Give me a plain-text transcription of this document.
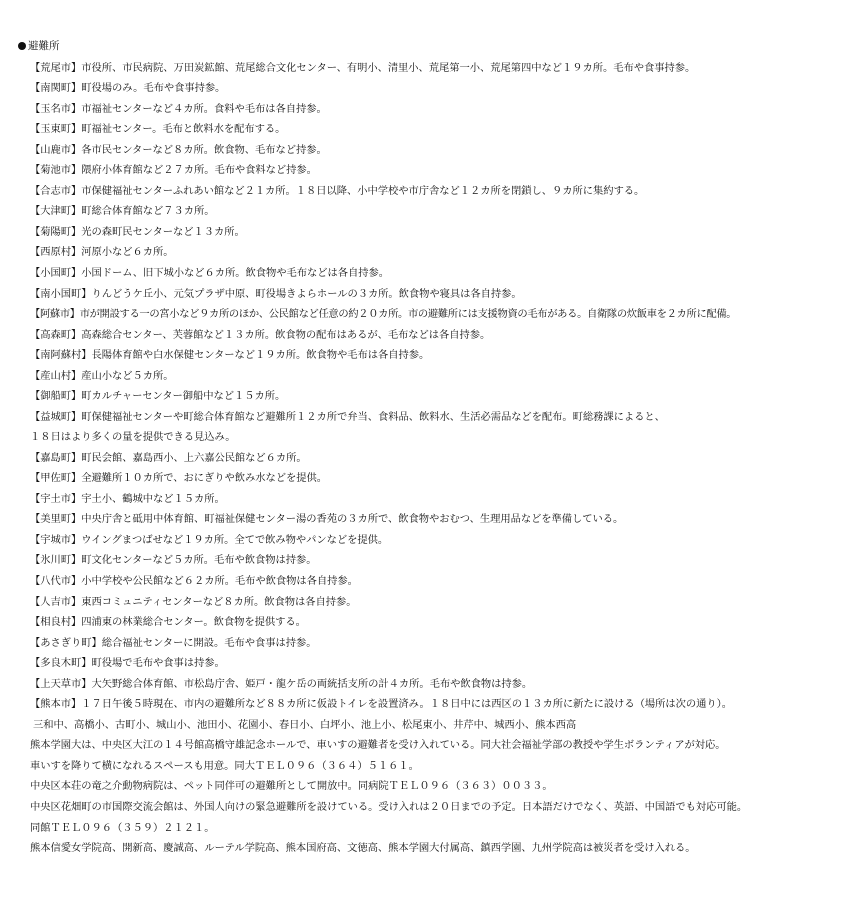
避難所
【荒尾市】市役所、市民病院、万田炭鉱館、荒尾総合文化センター、有明小、清里小、荒尾第一小、荒尾第四中など１９カ所。毛布や食事持参。
【南関町】町役場のみ。毛布や食事持参。
【玉名市】市福祉センターなど４カ所。食料や毛布は各自持参。
【玉東町】町福祉センター。毛布と飲料水を配布する。
【山鹿市】各市民センターなど８カ所。飲食物、毛布など持参。
【菊池市】隈府小体育館など２７カ所。毛布や食料など持参。
【合志市】市保健福祉センターふれあい館など２１カ所。１８日以降、小中学校や市庁舎など１２カ所を閉鎖し、９カ所に集約する。
【大津町】町総合体育館など７３カ所。
【菊陽町】光の森町民センターなど１３カ所。
【西原村】河原小など６カ所。
【小国町】小国ドーム、旧下城小など６カ所。飲食物や毛布などは各自持参。
【南小国町】りんどうケ丘小、元気プラザ中原、町役場きよらホールの３カ所。飲食物や寝具は各自持参。
【阿蘇市】市が開設する一の宮小など９カ所のほか、公民館など任意の約２０カ所。市の避難所には支援物資の毛布がある。自衛隊の炊飯車を２カ所に配備。
【高森町】高森総合センター、芙蓉館など１３カ所。飲食物の配布はあるが、毛布などは各自持参。
【南阿蘇村】長陽体育館や白水保健センターなど１９カ所。飲食物や毛布は各自持参。
【産山村】産山小など５カ所。
【御船町】町カルチャーセンター御船中など１５カ所。
【益城町】町保健福祉センターや町総合体育館など避難所１２カ所で弁当、食料品、飲料水、生活必需品などを配布。町総務課によると、
１８日はより多くの量を提供できる見込み。
【嘉島町】町民会館、嘉島西小、上六嘉公民館など６カ所。
【甲佐町】全避難所１０カ所で、おにぎりや飲み水などを提供。
【宇土市】宇土小、鶴城中など１５カ所。
【美里町】中央庁舎と砥用中体育館、町福祉保健センター湯の香苑の３カ所で、飲食物やおむつ、生理用品などを準備している。
【宇城市】ウイングまつばせなど１９カ所。全てで飲み物やパンなどを提供。
【氷川町】町文化センターなど５カ所。毛布や飲食物は持参。
【八代市】小中学校や公民館など６２カ所。毛布や飲食物は各自持参。
【人吉市】東西コミュニティセンターなど８カ所。飲食物は各自持参。
【相良村】四浦東の林業総合センター。飲食物を提供する。
【あさぎり町】総合福祉センターに開設。毛布や食事は持参。
【多良木町】町役場で毛布や食事は持参。
【上天草市】大矢野総合体育館、市松島庁舎、姫戸・龍ケ岳の両統括支所の計４カ所。毛布や飲食物は持参。
【熊本市】１７日午後５時現在、市内の避難所など８８カ所に仮設トイレを設置済み。１８日中には西区の１３カ所に新たに設ける（場所は次の通り）。
三和中、高橋小、古町小、城山小、池田小、花園小、春日小、白坪小、池上小、松尾東小、井芹中、城西小、熊本西高
熊本学園大は、中央区大江の１４号館高橋守雄記念ホールで、車いすの避難者を受け入れている。同大社会福祉学部の教授や学生ボランティアが対応。
車いすを降りて横になれるスペースも用意。同大ＴＥＬ０９６（３６４）５１６１。
中央区本荘の竜之介動物病院は、ペット同伴可の避難所として開放中。同病院ＴＥＬ０９６（３６３）００３３。
中央区花畑町の市国際交流会館は、外国人向けの緊急避難所を設けている。受け入れは２０日までの予定。日本語だけでなく、英語、中国語でも対応可能。
同館ＴＥＬ０９６（３５９）２１２１。
熊本信愛女学院高、開新高、慶誠高、ルーテル学院高、熊本国府高、文徳高、熊本学園大付属高、鎮西学園、九州学院高は被災者を受け入れる。
